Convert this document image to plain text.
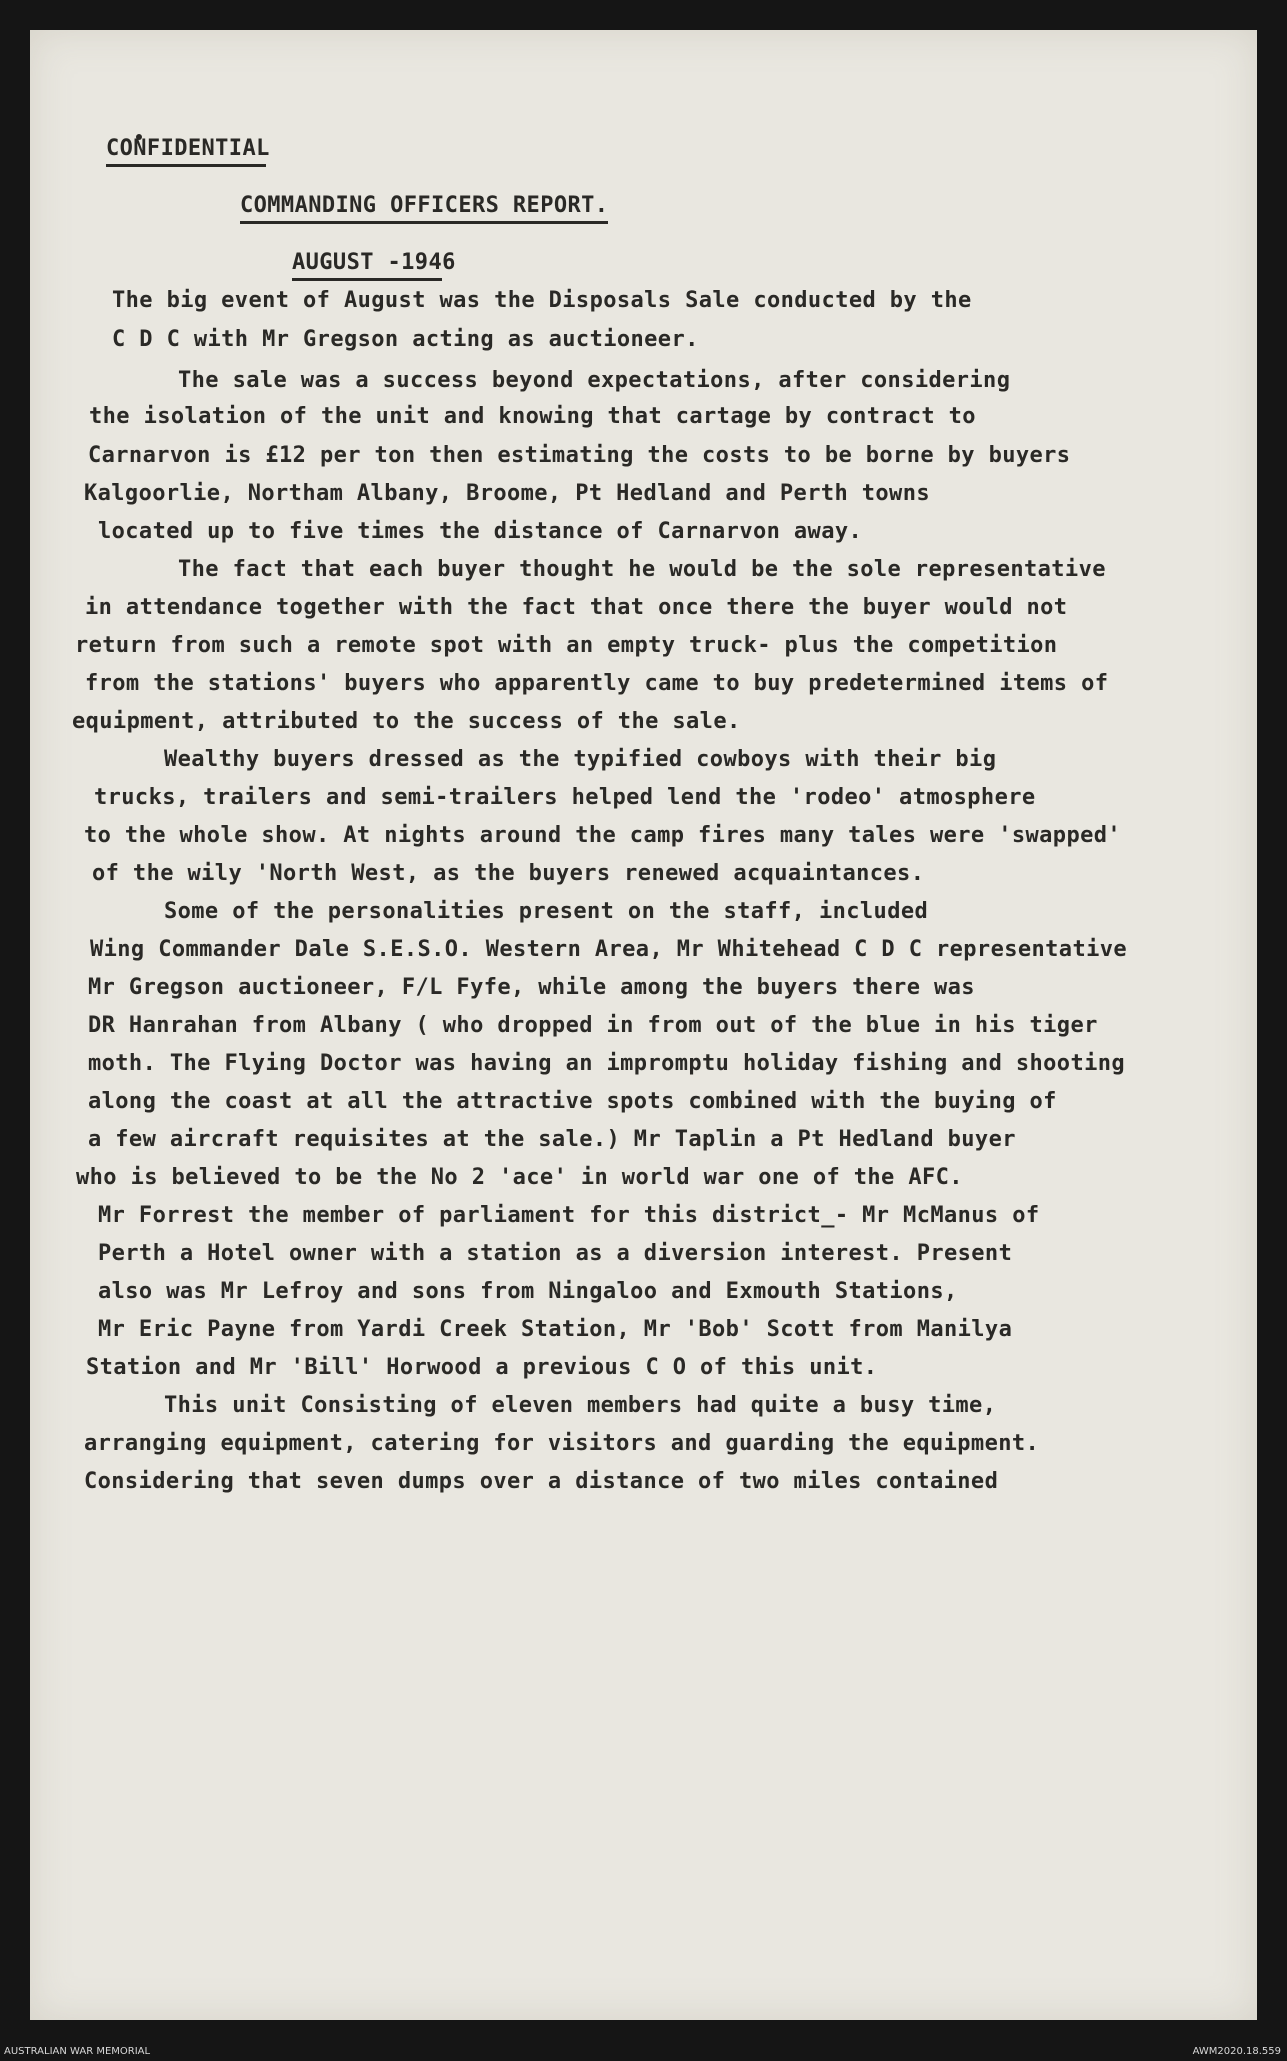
CONFIDENTIAL
COMMANDING OFFICERS REPORT.
AUGUST -1946
The big event of August was the Disposals Sale conducted by the
C D C with Mr Gregson acting as auctioneer.
The sale was a success beyond expectations, after considering
the isolation of the unit and knowing that cartage by contract to
Carnarvon is £12 per ton then estimating the costs to be borne by buyers
Kalgoorlie, Northam Albany, Broome, Pt Hedland and Perth towns
located up to five times the distance of Carnarvon away.
The fact that each buyer thought he would be the sole representative
in attendance together with the fact that once there the buyer would not
return from such a remote spot with an empty truck- plus the competition
from the stations' buyers who apparently came to buy predetermined items of
equipment, attributed to the success of the sale.
Wealthy buyers dressed as the typified cowboys with their big
trucks, trailers and semi-trailers helped lend the 'rodeo' atmosphere
to the whole show. At nights around the camp fires many tales were 'swapped'
of the wily 'North West, as the buyers renewed acquaintances.
Some of the personalities present on the staff, included
Wing Commander Dale S.E.S.O. Western Area, Mr Whitehead C D C representative
Mr Gregson auctioneer, F/L Fyfe, while among the buyers there was
DR Hanrahan from Albany ( who dropped in from out of the blue in his tiger
moth. The Flying Doctor was having an impromptu holiday fishing and shooting
along the coast at all the attractive spots combined with the buying of
a few aircraft requisites at the sale.) Mr Taplin a Pt Hedland buyer
who is believed to be the No 2 'ace' in world war one of the AFC.
Mr Forrest the member of parliament for this district_- Mr McManus of
Perth a Hotel owner with a station as a diversion interest. Present
also was Mr Lefroy and sons from Ningaloo and Exmouth Stations,
Mr Eric Payne from Yardi Creek Station, Mr 'Bob' Scott from Manilya
Station and Mr 'Bill' Horwood a previous C O of this unit.
This unit Consisting of eleven members had quite a busy time,
arranging equipment, catering for visitors and guarding the equipment.
Considering that seven dumps over a distance of two miles contained
AUSTRALIAN WAR MEMORIAL	AWM2020.18.559
